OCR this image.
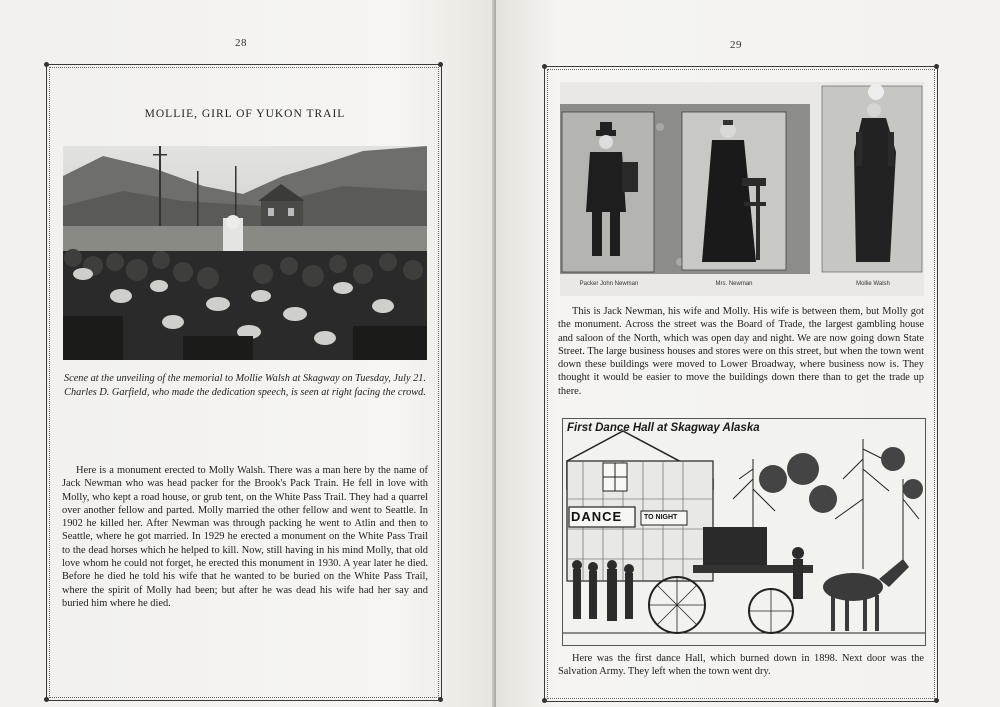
28
MOLLIE, GIRL OF YUKON TRAIL
Scene at the unveiling of the memorial to Mollie Walsh at Skagway on Tuesday, July 21. Charles D. Garfield, who made the dedication speech, is seen at right facing the crowd.

Here is a monument erected to Molly Walsh. There was a man here by the name of Jack Newman who was head packer for the Brook's Pack Train. He fell in love with Molly, who kept a road house, or grub tent, on the White Pass Trail. They had a quarrel over another fellow and parted. Molly married the other fellow and went to Seattle. In 1902 he killed her. After Newman was through packing he went to Atlin and then to Seattle, where he got married. In 1929 he erected a monument on the White Pass Trail to the dead horses which he helped to kill. Now, still having in his mind Molly, that old love whom he could not forget, he erected this monument in 1930. A year later he died. Before he died he told his wife that he wanted to be buried on the White Pass Trail, where the spirit of Molly had been; but after he was dead his wife had her say and buried him where he died.

29
Packer John Newman	Mrs. Newman	Mollie Walsh

This is Jack Newman, his wife and Molly. His wife is between them, but Molly got the monument. Across the street was the Board of Trade, the largest gambling house and saloon of the North, which was open day and night. We are now going down State Street. The large business houses and stores were on this street, but when the town went down these buildings were moved to Lower Broadway, where business now is. They thought it would be easier to move the buildings down there than to get the trade up there.

First Dance Hall at Skagway Alaska
DANCE	TO NIGHT

Here was the first dance Hall, which burned down in 1898. Next door was the Salvation Army. They left when the town went dry.
